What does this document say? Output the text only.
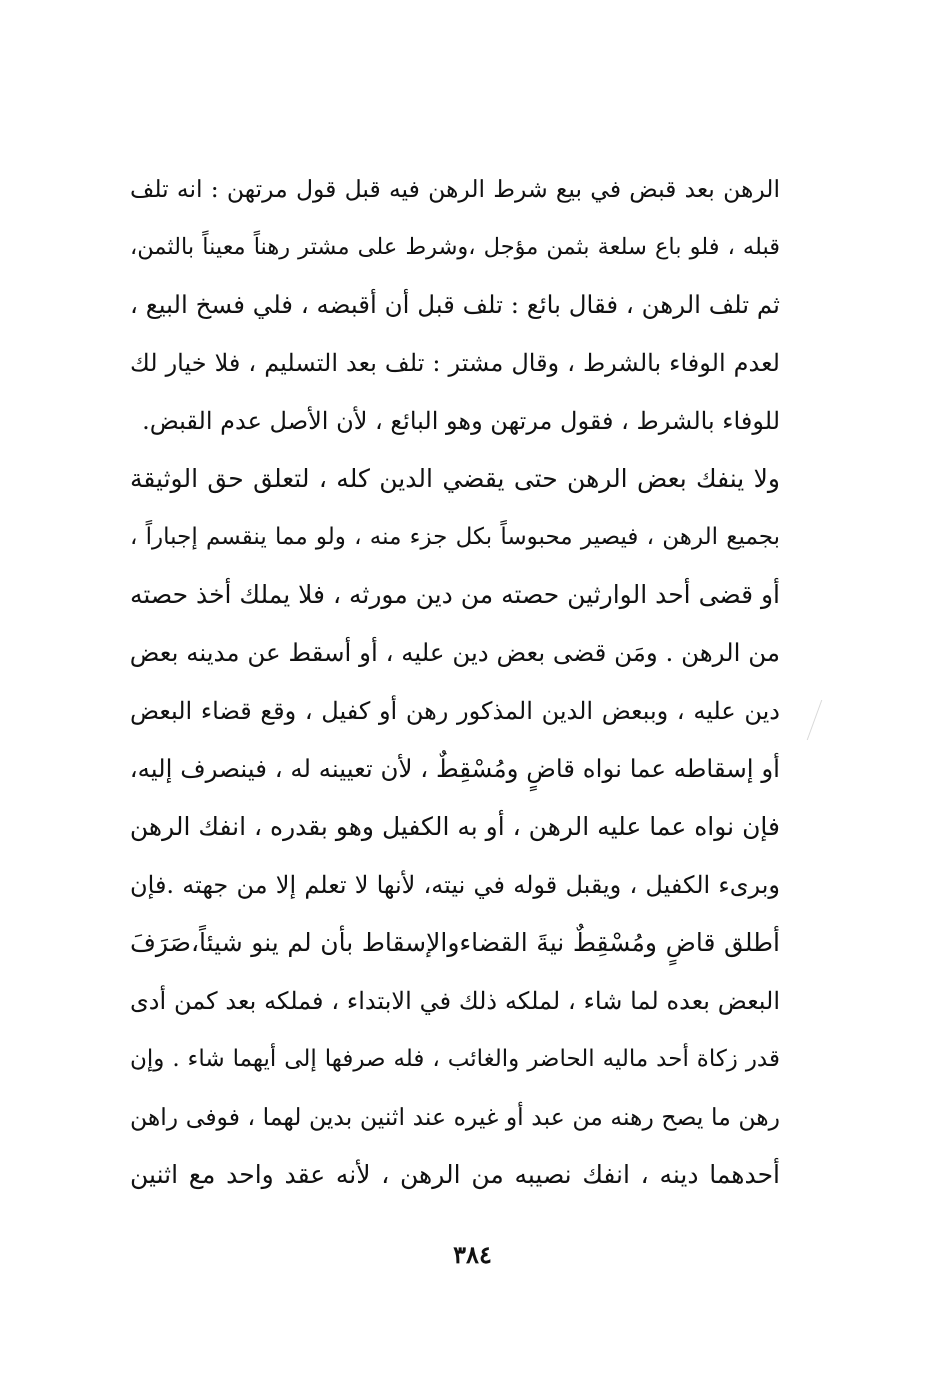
الرهن بعد قبض في بيع شرط الرهن فيه قبل قول مرتهن : انه تلف
قبله ، فلو باع سلعة بثمن مؤجل ،وشرط على مشتر رهناً معيناً بالثمن،
ثم تلف الرهن ، فقال بائع : تلف قبل أن أقبضه ، فلي فسخ البيع ،
لعدم الوفاء بالشرط ، وقال مشتر : تلف بعد التسليم ، فلا خيار لك
للوفاء بالشرط ، فقول مرتهن وهو البائع ، لأن الأصل عدم القبض.
ولا ينفك بعض الرهن حتى يقضي الدين كله ، لتعلق حق الوثيقة
بجميع الرهن ، فيصير محبوساً بكل جزء منه ، ولو مما ينقسم إجباراً ،
أو قضى أحد الوارثين حصته من دين مورثه ، فلا يملك أخذ حصته
من الرهن . ومَن قضى بعض دين عليه ، أو أسقط عن مدينه بعض
دين عليه ، وببعض الدين المذكور رهن أو كفيل ، وقع قضاء البعض
أو إسقاطه عما نواه قاضٍ ومُسْقِطٌ ، لأن تعيينه له ، فينصرف إليه،
فإن نواه عما عليه الرهن ، أو به الكفيل وهو بقدره ، انفك الرهن
وبرىء الكفيل ، ويقبل قوله في نيته، لأنها لا تعلم إلا من جهته .فإن
أطلق قاضٍ ومُسْقِطٌ نيةَ القضاءوالإسقاط بأن لم ينو شيئاً،صَرَفَ
البعض بعده لما شاء ، لملكه ذلك في الابتداء ، فملكه بعد كمن أدى
قدر زكاة أحد ماليه الحاضر والغائب ، فله صرفها إلى أيهما شاء . وإن
رهن ما يصح رهنه من عبد أو غيره عند اثنين بدين لهما ، فوفى راهن
أحدهما دينه ، انفك نصيبه من الرهن ، لأنه عقد واحد مع اثنين
٣٨٤
